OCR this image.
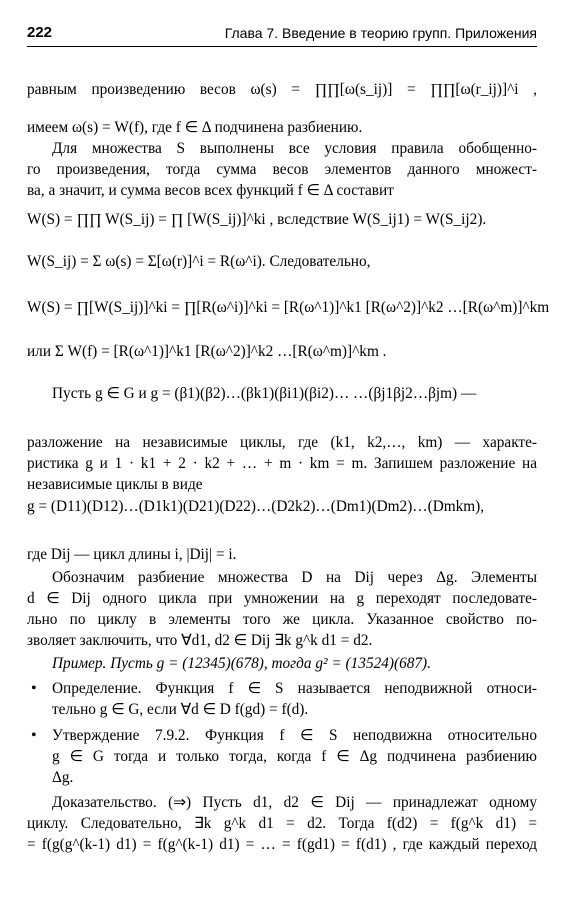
222	Глава 7. Введение в теорию групп. Приложения
равным произведению весов ω(s) = ∏∏[ω(s_ij)] = ∏∏[ω(r_ij)]^i ,
имеем ω(s) = W(f), где f ∈ Δ подчинена разбиению.
Для множества S выполнены все условия правила обобщенно-
го произведения, тогда сумма весов элементов данного множест-
ва, а значит, и сумма весов всех функций f ∈ Δ составит
W(S) = ∏∏ W(S_ij) = ∏ [W(S_ij)]^ki , вследствие W(S_ij1) = W(S_ij2).
W(S_ij) = Σ ω(s) = Σ[ω(r)]^i = R(ω^i). Следовательно,
W(S) = ∏[W(S_ij)]^ki = ∏[R(ω^i)]^ki = [R(ω^1)]^k1 [R(ω^2)]^k2 …[R(ω^m)]^km
или Σ W(f) = [R(ω^1)]^k1 [R(ω^2)]^k2 …[R(ω^m)]^km .
Пусть g ∈ G и g = (β1)(β2)…(βk1)(βi1)(βi2)… …(βj1βj2…βjm) —
разложение на независимые циклы, где (k1, k2,…, km) — характе-
ристика g и 1 · k1 + 2 · k2 + … + m · km = m. Запишем разложение на
независимые циклы в виде
g = (D11)(D12)…(D1k1)(D21)(D22)…(D2k2)…(Dm1)(Dm2)…(Dmkm),
где Dij — цикл длины i, |Dij| = i.
Обозначим разбиение множества D на Dij через Δg. Элементы
d ∈ Dij одного цикла при умножении на g переходят последовате-
льно по циклу в элементы того же цикла. Указанное свойство по-
зволяет заключить, что ∀d1, d2 ∈ Dij ∃k g^k d1 = d2.
Пример. Пусть g = (12345)(678), тогда g² = (13524)(687).
• Определение. Функция f ∈ S называется неподвижной относи-
тельно g ∈ G, если ∀d ∈ D f(gd) = f(d).
• Утверждение 7.9.2. Функция f ∈ S неподвижна относительно
g ∈ G тогда и только тогда, когда f ∈ Δg подчинена разбиению
Δg.
Доказательство. (⇒) Пусть d1, d2 ∈ Dij — принадлежат одному
циклу. Следовательно, ∃k g^k d1 = d2. Тогда f(d2) = f(g^k d1) =
= f(g(g^(k-1) d1) = f(g^(k-1) d1) = … = f(gd1) = f(d1) , где каждый переход
